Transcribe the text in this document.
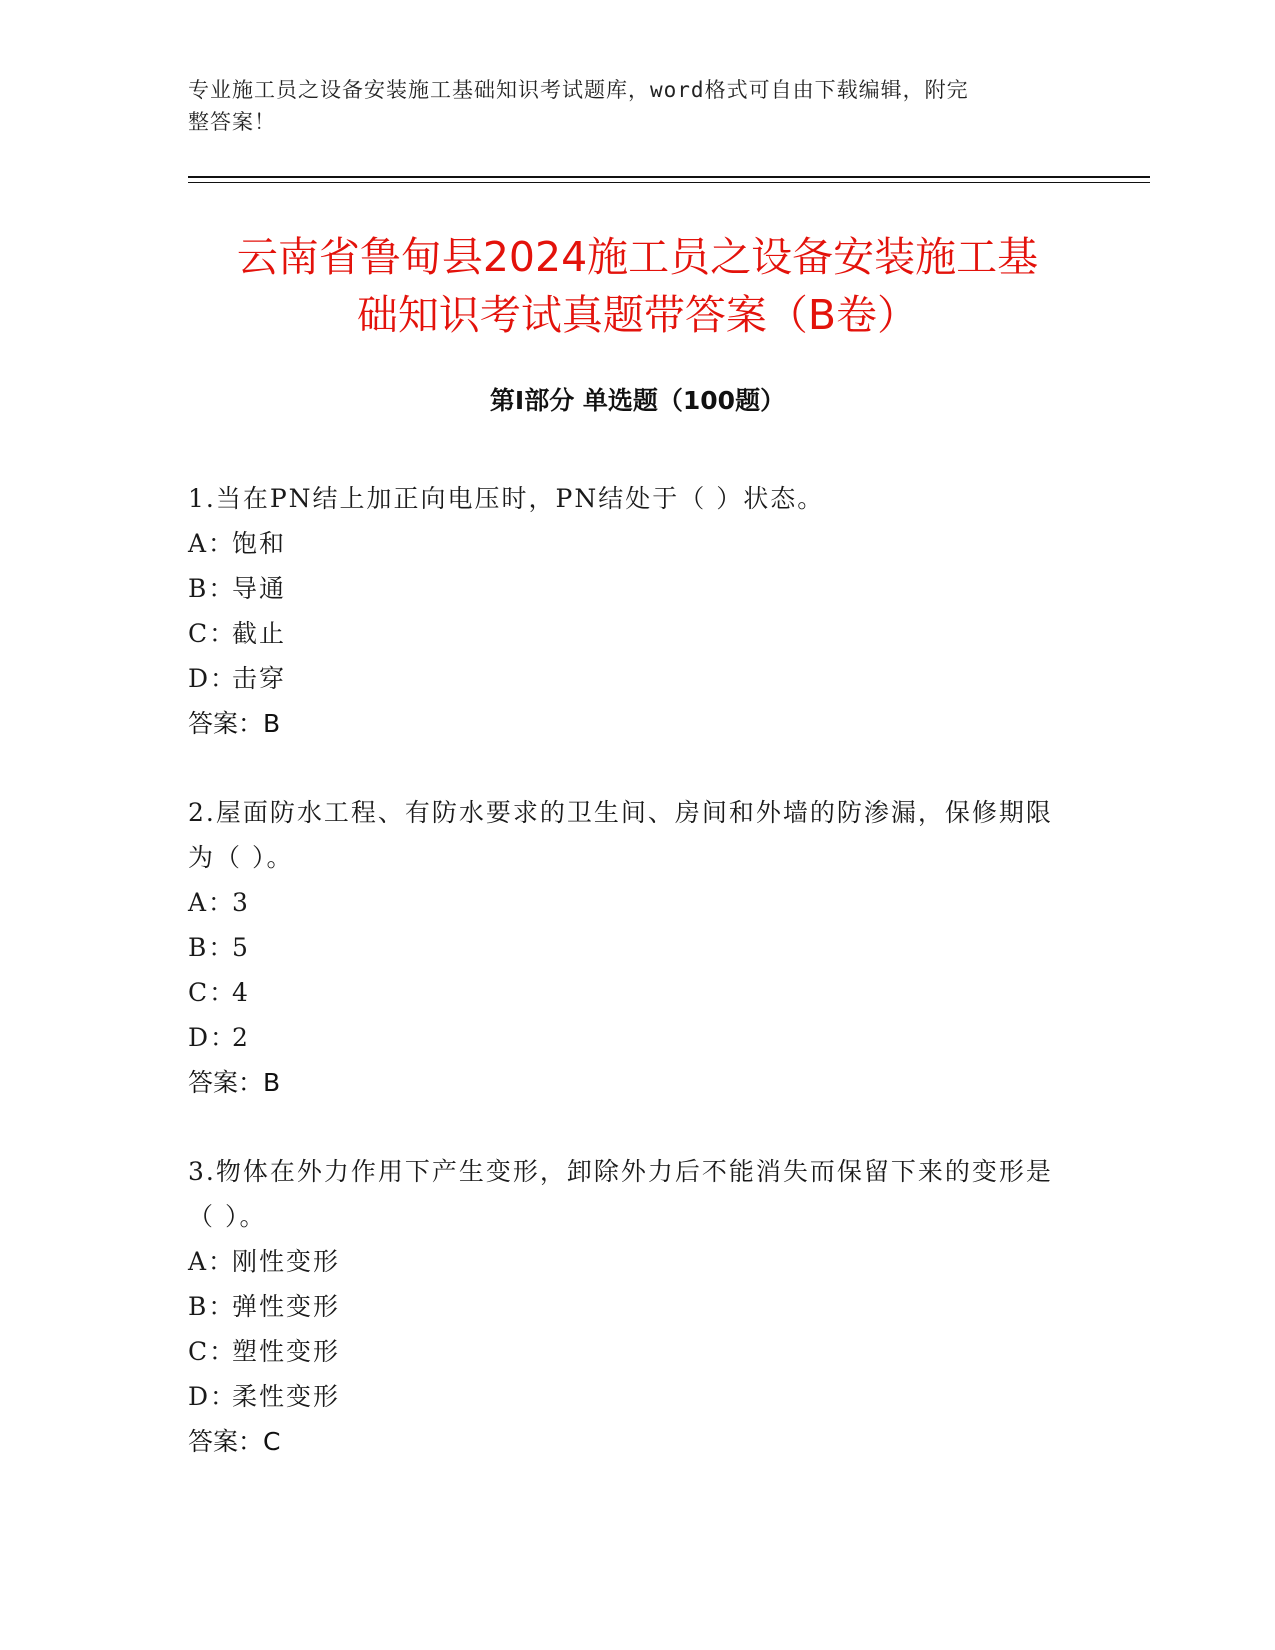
专业施工员之设备安装施工基础知识考试题库，word格式可自由下载编辑，附完
整答案！
云南省鲁甸县2024施工员之设备安装施工基
础知识考试真题带答案（B卷）
第I部分 单选题（100题）
1.当在PN结上加正向电压时，PN结处于（ ）状态。
A：饱和
B：导通
C：截止
D：击穿
答案：B
2.屋面防水工程、有防水要求的卫生间、房间和外墙的防渗漏，保修期限为（ ）。
A：3
B：5
C：4
D：2
答案：B
3.物体在外力作用下产生变形，卸除外力后不能消失而保留下来的变形是（ ）。
A：刚性变形
B：弹性变形
C：塑性变形
D：柔性变形
答案：C
